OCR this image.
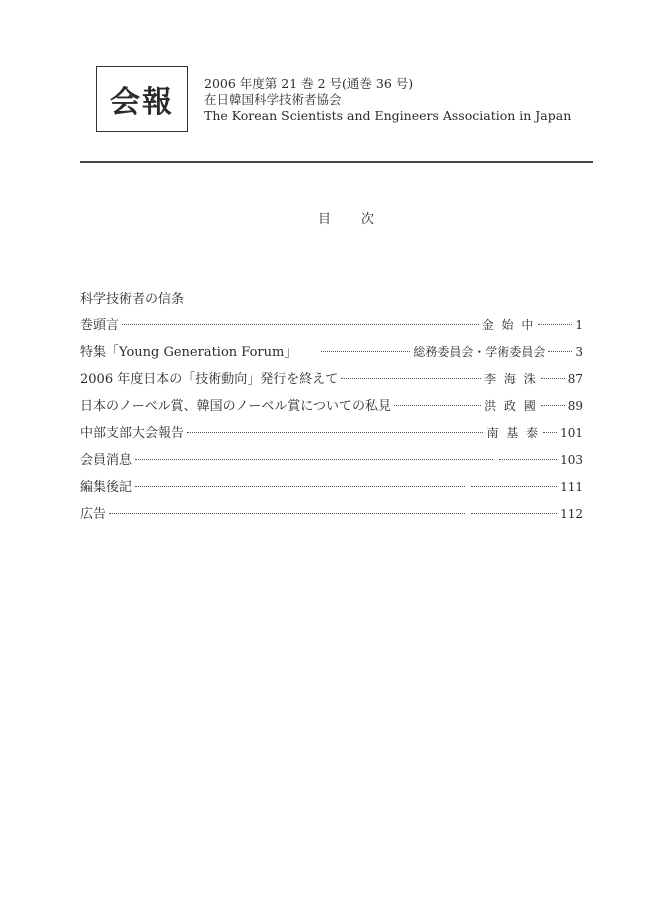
会報
2006 年度第 21 巻 2 号(通巻 36 号)
在日韓国科学技術者協会
The Korean Scientists and Engineers Association in Japan
目 次
科学技術者の信条
巻頭言	金 始 中	1
特集「Young Generation Forum」	総務委員会・学術委員会	3
2006 年度日本の「技術動向」発行を終えて	李 海 洙	87
日本のノーベル賞、韓国のノーベル賞についての私見	洪 政 國	89
中部支部大会報告	南 基 泰 101
会員消息	103
編集後記	111
広告	112
